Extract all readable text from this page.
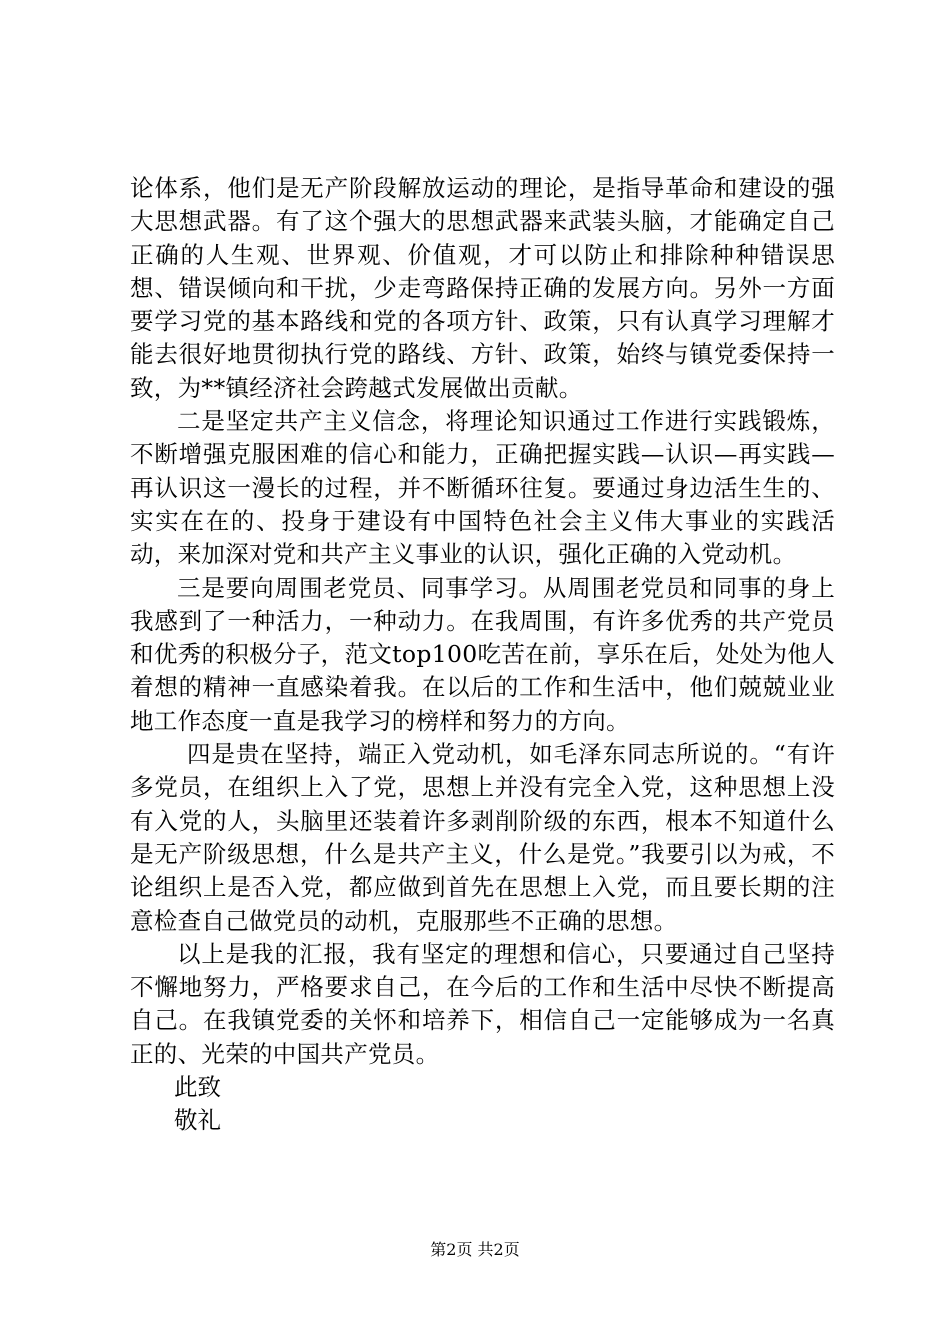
论体系，他们是无产阶段解放运动的理论，是指导革命和建设的强大思想武器。有了这个强大的思想武器来武装头脑，才能确定自己正确的人生观、世界观、价值观，才可以防止和排除种种错误思想、错误倾向和干扰，少走弯路保持正确的发展方向。另外一方面要学习党的基本路线和党的各项方针、政策，只有认真学习理解才能去很好地贯彻执行党的路线、方针、政策，始终与镇党委保持一致，为**镇经济社会跨越式发展做出贡献。

二是坚定共产主义信念，将理论知识通过工作进行实践锻炼，不断增强克服困难的信心和能力，正确把握实践—认识—再实践—再认识这一漫长的过程，并不断循环往复。要通过身边活生生的、实实在在的、投身于建设有中国特色社会主义伟大事业的实践活动，来加深对党和共产主义事业的认识，强化正确的入党动机。

三是要向周围老党员、同事学习。从周围老党员和同事的身上我感到了一种活力，一种动力。在我周围，有许多优秀的共产党员和优秀的积极分子，范文top100吃苦在前，享乐在后，处处为他人着想的精神一直感染着我。在以后的工作和生活中，他们兢兢业业地工作态度一直是我学习的榜样和努力的方向。

四是贵在坚持，端正入党动机，如毛泽东同志所说的。“有许多党员，在组织上入了党，思想上并没有完全入党，这种思想上没有入党的人，头脑里还装着许多剥削阶级的东西，根本不知道什么是无产阶级思想，什么是共产主义，什么是党。”我要引以为戒，不论组织上是否入党，都应做到首先在思想上入党，而且要长期的注意检查自己做党员的动机，克服那些不正确的思想。

以上是我的汇报，我有坚定的理想和信心，只要通过自己坚持不懈地努力，严格要求自己，在今后的工作和生活中尽快不断提高自己。在我镇党委的关怀和培养下，相信自己一定能够成为一名真正的、光荣的中国共产党员。

此致

敬礼

第2页 共2页
